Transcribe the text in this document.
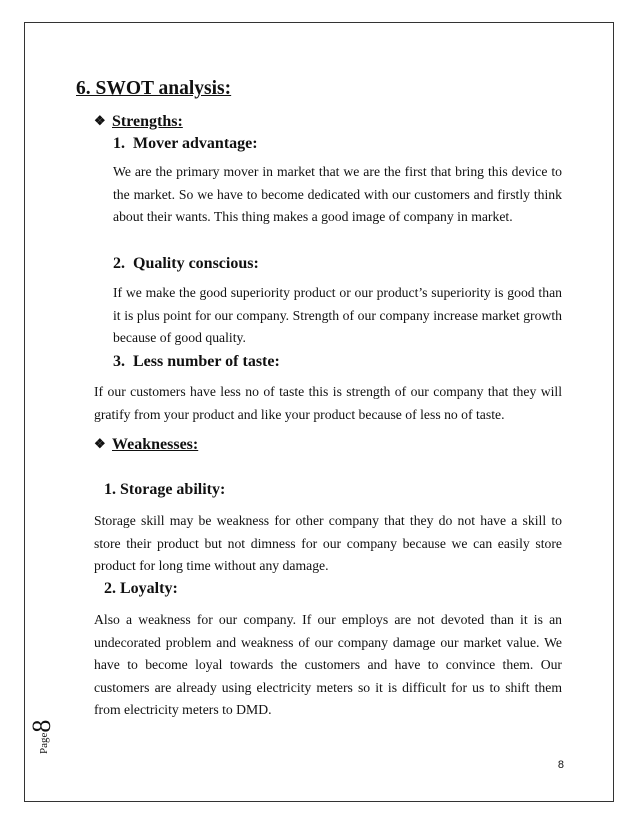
6. SWOT analysis:
❖ Strengths:
1. Mover advantage:
We are the primary mover in market that we are the first that bring this device to the market. So we have to become dedicated with our customers and firstly think about their wants. This thing makes a good image of company in market.
2. Quality conscious:
If we make the good superiority product or our product’s superiority is good than it is plus point for our company. Strength of our company increase market growth because of good quality.
3. Less number of taste:
If our customers have less no of taste this is strength of our company that they will gratify from your product and like your product because of less no of taste.
❖ Weaknesses:
1. Storage ability:
Storage skill may be weakness for other company that they do not have a skill to store their product but not dimness for our company because we can easily store product for long time without any damage.
2. Loyalty:
Also a weakness for our company. If our employs are not devoted than it is an undecorated problem and weakness of our company damage our market value. We have to become loyal towards the customers and have to convince them. Our customers are already using electricity meters so it is difficult for us to shift them from electricity meters to DMD.
Page8
8
